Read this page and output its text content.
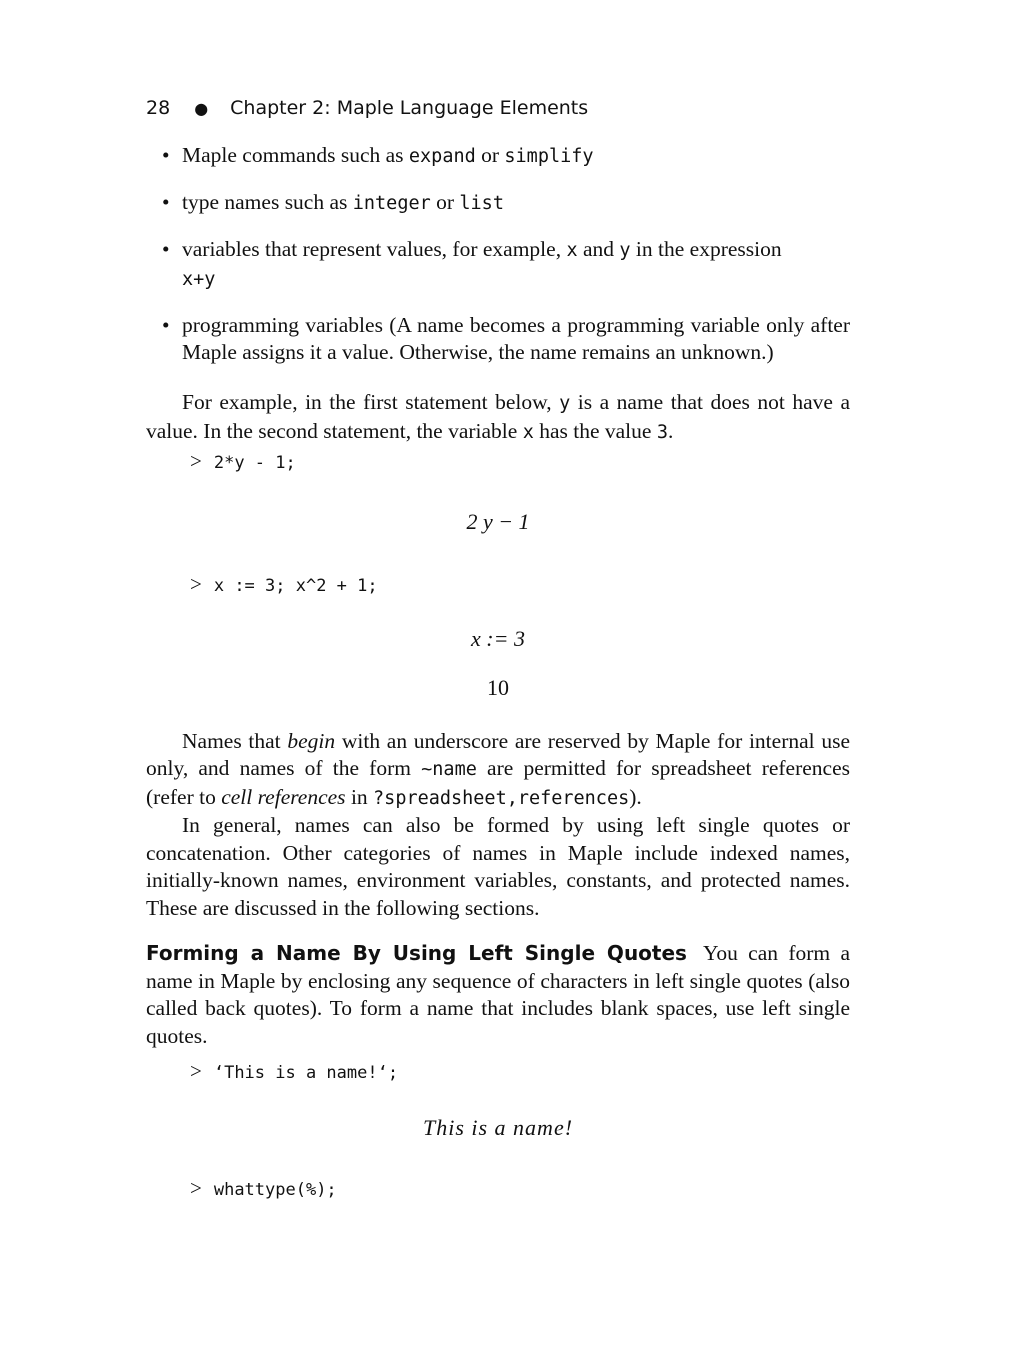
28 ● Chapter 2: Maple Language Elements
• Maple commands such as expand or simplify
• type names such as integer or list
• variables that represent values, for example, x and y in the expression
x+y
• programming variables (A name becomes a programming variable only after Maple assigns it a value. Otherwise, the name remains an unknown.)

For example, in the first statement below, y is a name that does not have a value. In the second statement, the variable x has the value 3.

> 2*y - 1;
2 y − 1
> x := 3; x^2 + 1;
x := 3
10

Names that begin with an underscore are reserved by Maple for internal use only, and names of the form ~name are permitted for spreadsheet references (refer to cell references in ?spreadsheet,references).

In general, names can also be formed by using left single quotes or concatenation. Other categories of names in Maple include indexed names, initially-known names, environment variables, constants, and protected names. These are discussed in the following sections.

Forming a Name By Using Left Single Quotes You can form a name in Maple by enclosing any sequence of characters in left single quotes (also called back quotes). To form a name that includes blank spaces, use left single quotes.

> ‘This is a name!‘;
This is a name!
> whattype(%);
